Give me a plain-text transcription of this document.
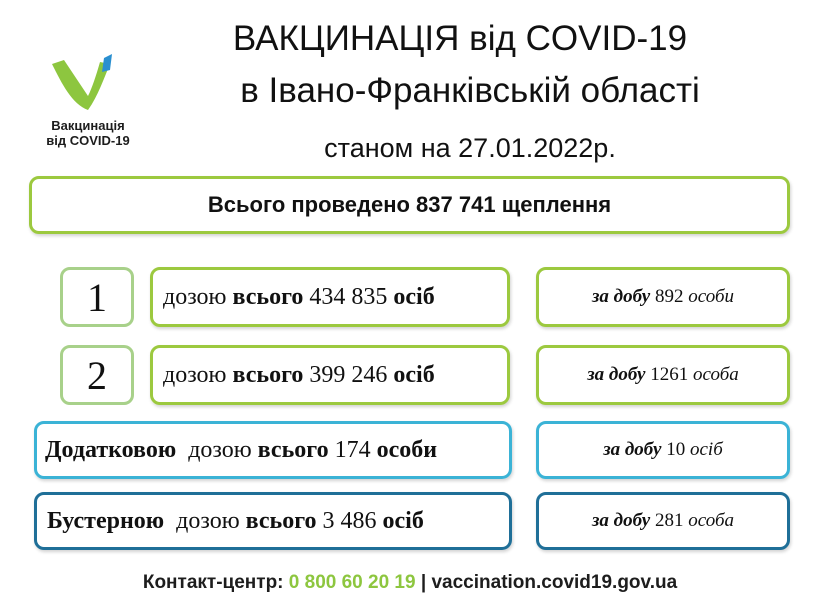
Вакцинація
від COVID-19
ВАКЦИНАЦІЯ від COVID-19
в Івано-Франківській області
станом на 27.01.2022р.
Всього проведено 837 741 щеплення
1 дозою всього 434 835 осіб	за добу 892 особи
2 дозою всього 399 246 осіб	за добу 1261 особа
Додатковою дозою всього 174 особи	за добу 10 осіб
Бустерною дозою всього 3 486 осіб	за добу 281 особа
Контакт-центр: 0 800 60 20 19 | vaccination.covid19.gov.ua
